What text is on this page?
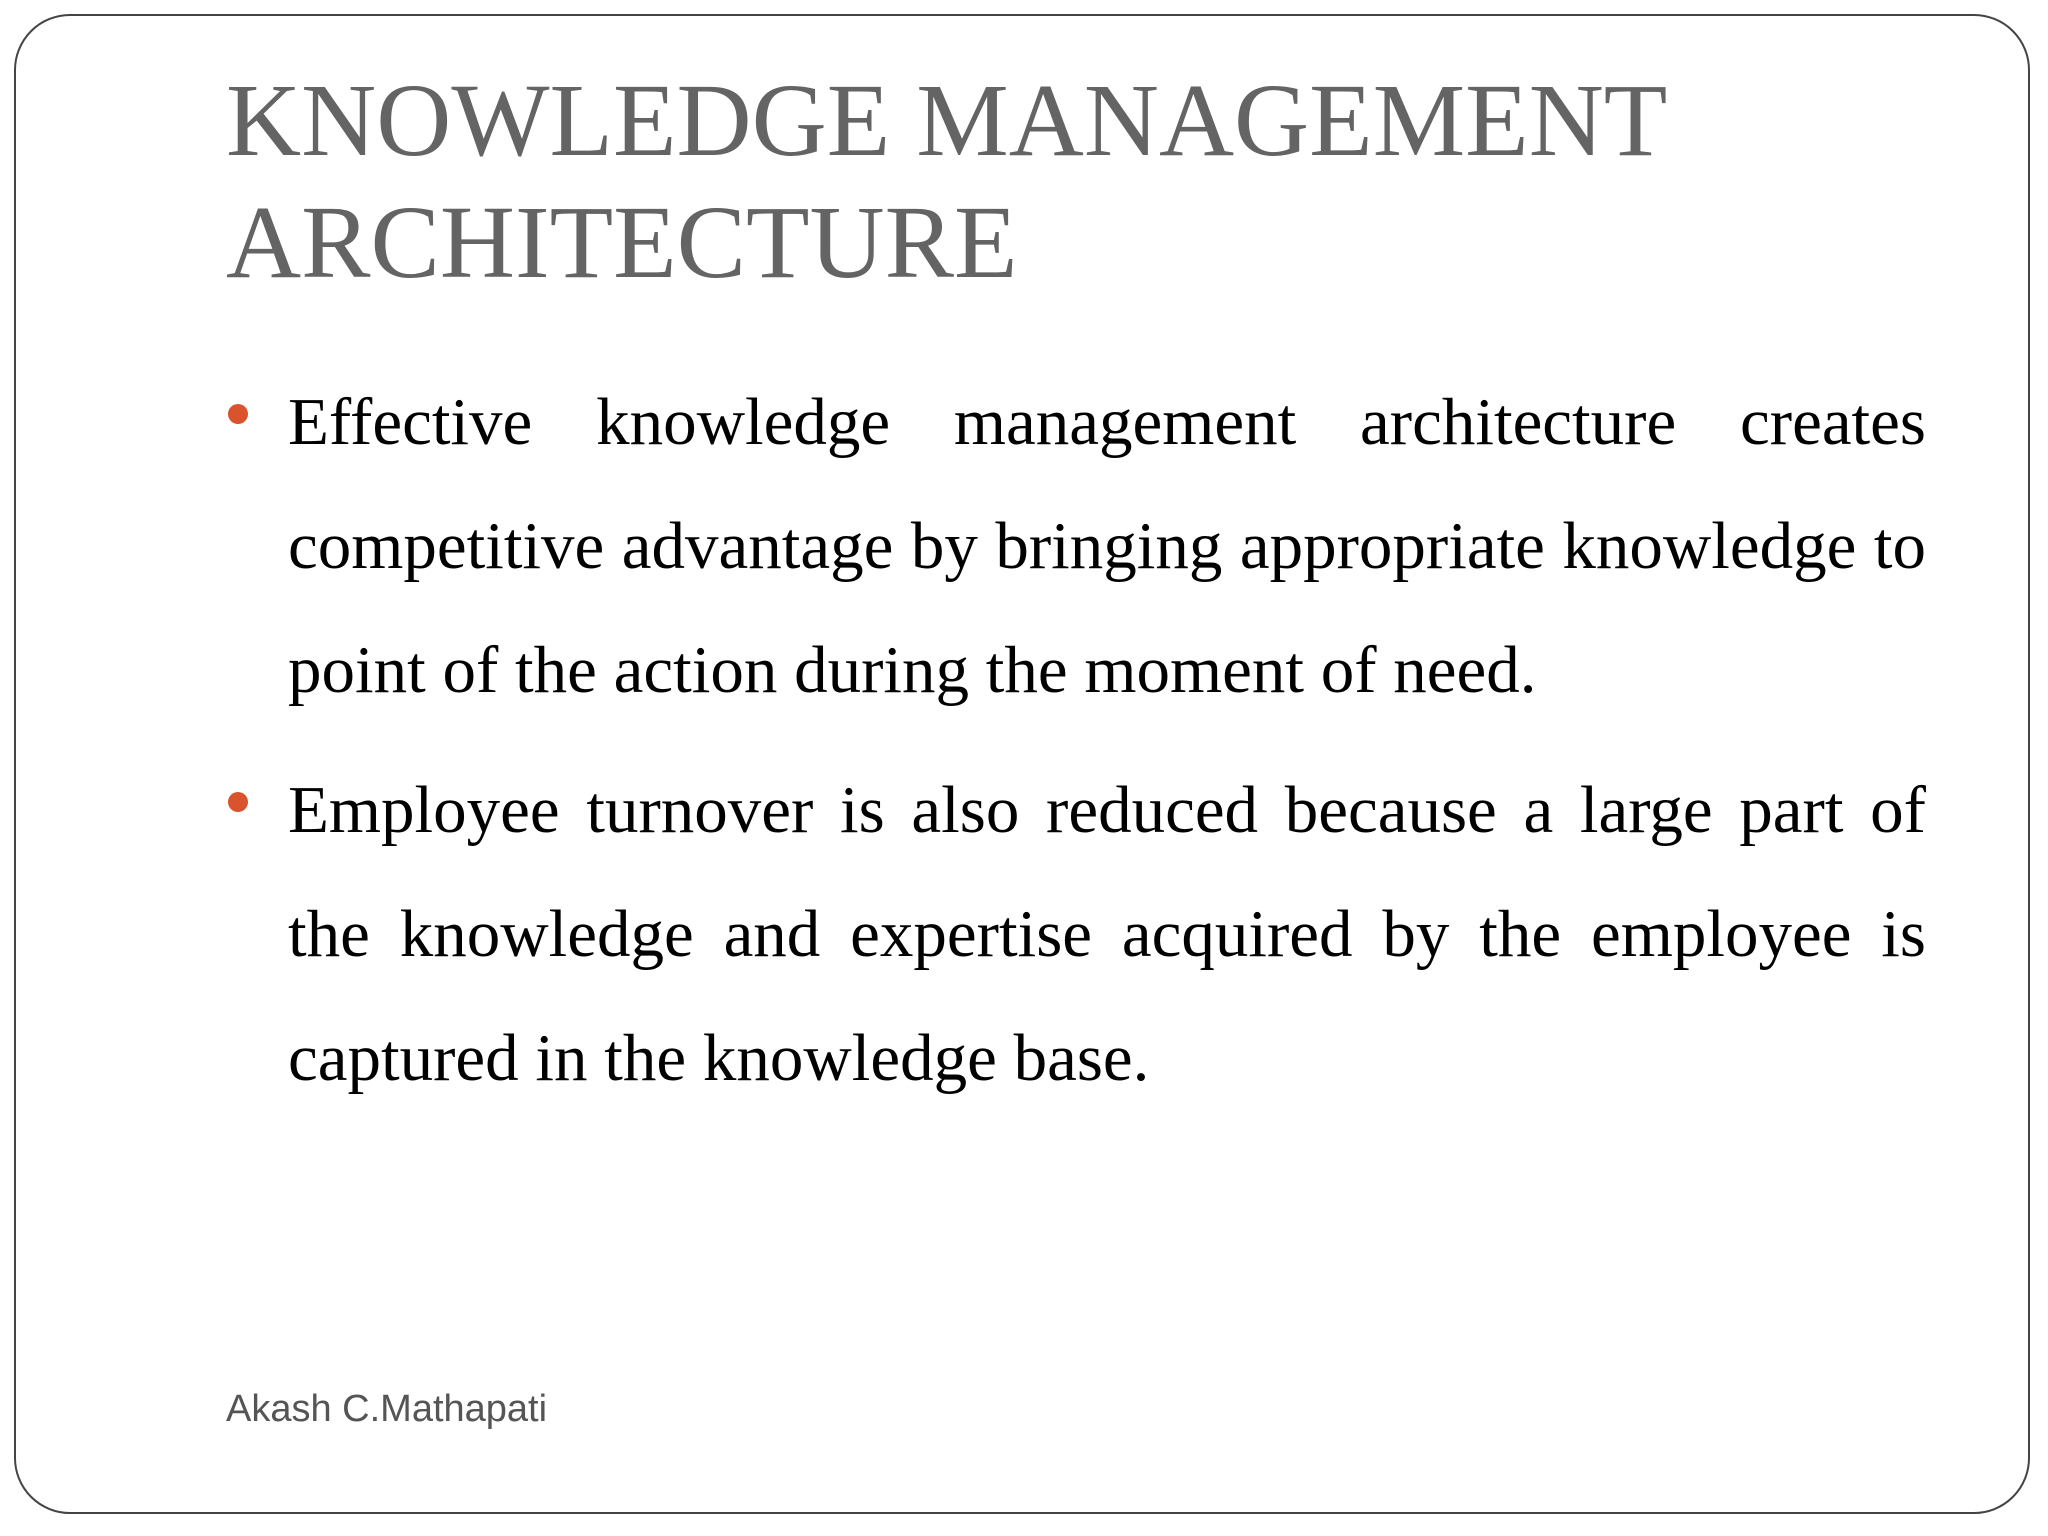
KNOWLEDGE MANAGEMENT
ARCHITECTURE
Effective knowledge management architecture creates competitive advantage by bringing appropriate knowledge to point of the action during the moment of need.
Employee turnover is also reduced because a large part of the knowledge and expertise acquired by the employee is captured in the knowledge base.
Akash C.Mathapati
